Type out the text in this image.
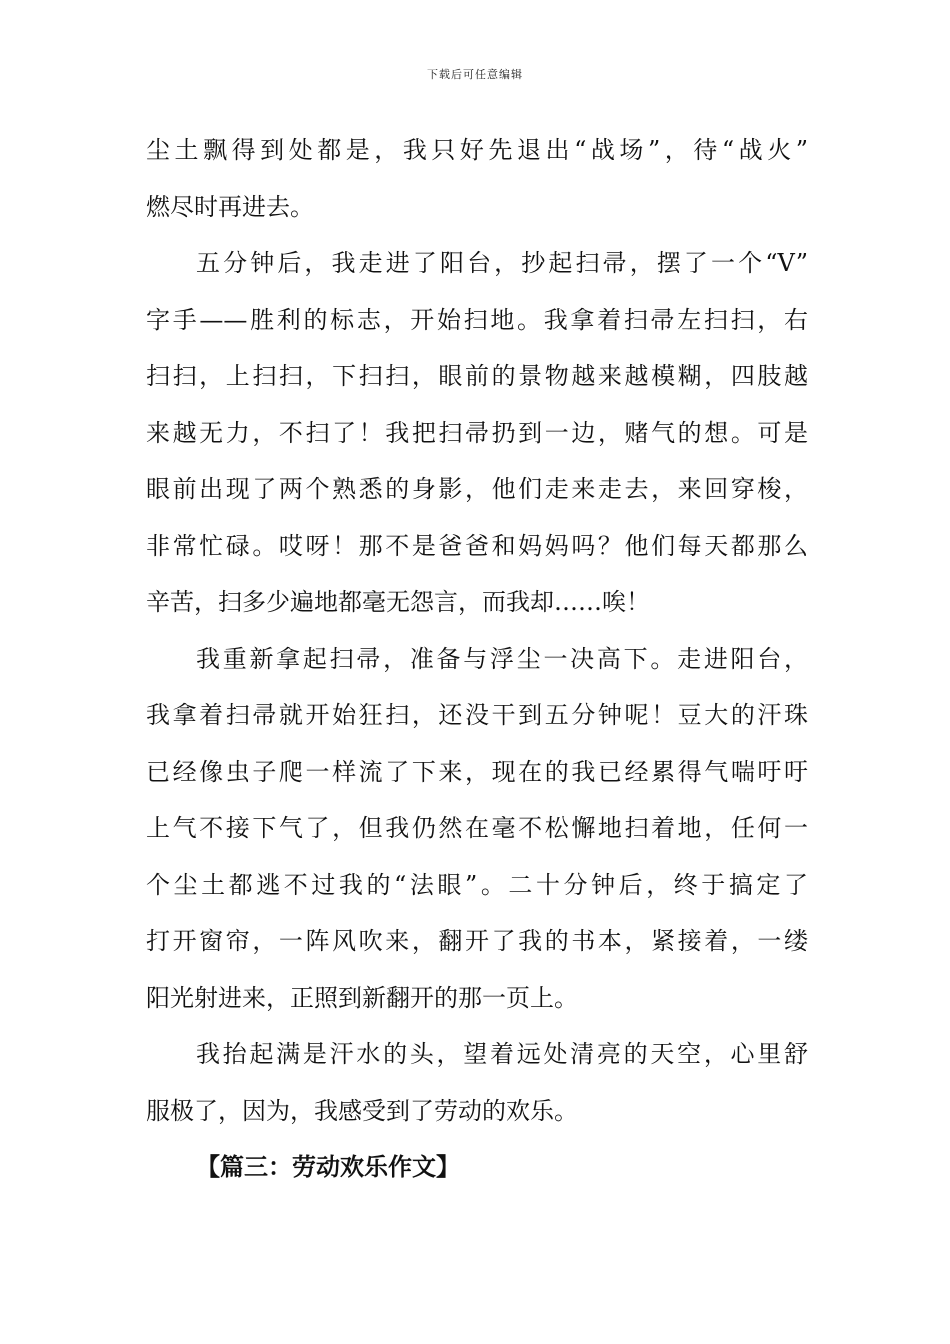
下载后可任意编辑
尘土飘得到处都是，我只好先退出“战场”，待“战火”
燃尽时再进去。
五分钟后，我走进了阳台，抄起扫帚，摆了一个“V”
字手——胜利的标志，开始扫地。我拿着扫帚左扫扫，右
扫扫，上扫扫，下扫扫，眼前的景物越来越模糊，四肢越
来越无力，不扫了！我把扫帚扔到一边，赌气的想。可是
眼前出现了两个熟悉的身影，他们走来走去，来回穿梭，
非常忙碌。哎呀！那不是爸爸和妈妈吗？他们每天都那么
辛苦，扫多少遍地都毫无怨言，而我却……唉！
我重新拿起扫帚，准备与浮尘一决高下。走进阳台，
我拿着扫帚就开始狂扫，还没干到五分钟呢！豆大的汗珠
已经像虫子爬一样流了下来，现在的我已经累得气喘吁吁
上气不接下气了，但我仍然在毫不松懈地扫着地，任何一
个尘土都逃不过我的“法眼”。二十分钟后，终于搞定了
打开窗帘，一阵风吹来，翻开了我的书本，紧接着，一缕
阳光射进来，正照到新翻开的那一页上。
我抬起满是汗水的头，望着远处清亮的天空，心里舒
服极了，因为，我感受到了劳动的欢乐。
【篇三：劳动欢乐作文】
